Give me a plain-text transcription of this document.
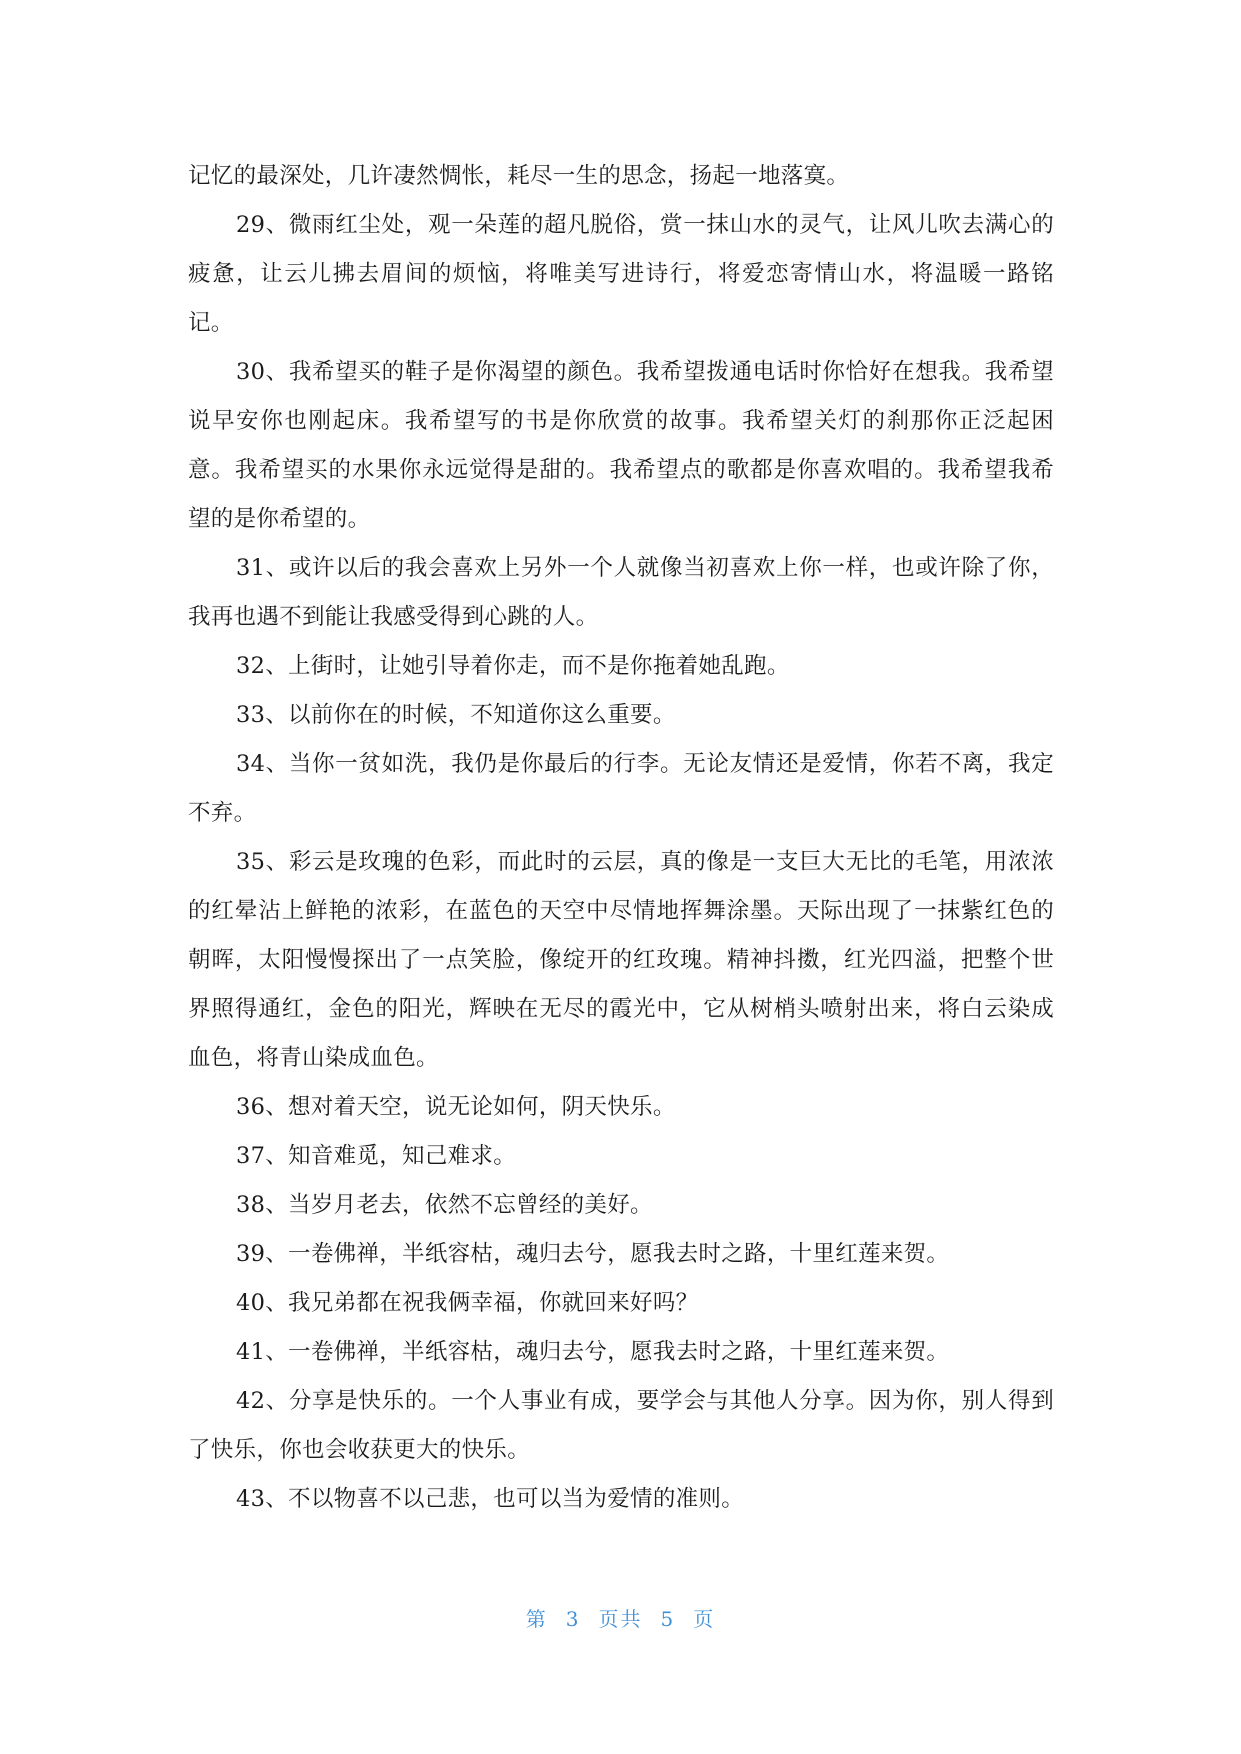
记忆的最深处，几许凄然惆怅，耗尽一生的思念，扬起一地落寞。

29、微雨红尘处，观一朵莲的超凡脱俗，赏一抹山水的灵气，让风儿吹去满心的疲惫，让云儿拂去眉间的烦恼，将唯美写进诗行，将爱恋寄情山水，将温暖一路铭记。

30、我希望买的鞋子是你渴望的颜色。我希望拨通电话时你恰好在想我。我希望说早安你也刚起床。我希望写的书是你欣赏的故事。我希望关灯的刹那你正泛起困意。我希望买的水果你永远觉得是甜的。我希望点的歌都是你喜欢唱的。我希望我希望的是你希望的。

31、或许以后的我会喜欢上另外一个人就像当初喜欢上你一样，也或许除了你，我再也遇不到能让我感受得到心跳的人。

32、上街时，让她引导着你走，而不是你拖着她乱跑。

33、以前你在的时候，不知道你这么重要。

34、当你一贫如洗，我仍是你最后的行李。无论友情还是爱情，你若不离，我定不弃。

35、彩云是玫瑰的色彩，而此时的云层，真的像是一支巨大无比的毛笔，用浓浓的红晕沾上鲜艳的浓彩，在蓝色的天空中尽情地挥舞涂墨。天际出现了一抹紫红色的朝晖，太阳慢慢探出了一点笑脸，像绽开的红玫瑰。精神抖擞，红光四溢，把整个世界照得通红，金色的阳光，辉映在无尽的霞光中，它从树梢头喷射出来，将白云染成血色，将青山染成血色。

36、想对着天空，说无论如何，阴天快乐。

37、知音难觅，知己难求。

38、当岁月老去，依然不忘曾经的美好。

39、一卷佛禅，半纸容枯，魂归去兮，愿我去时之路，十里红莲来贺。

40、我兄弟都在祝我俩幸福，你就回来好吗？

41、一卷佛禅，半纸容枯，魂归去兮，愿我去时之路，十里红莲来贺。

42、分享是快乐的。一个人事业有成，要学会与其他人分享。因为你，别人得到了快乐，你也会收获更大的快乐。

43、不以物喜不以己悲，也可以当为爱情的准则。

第 3 页共 5 页
